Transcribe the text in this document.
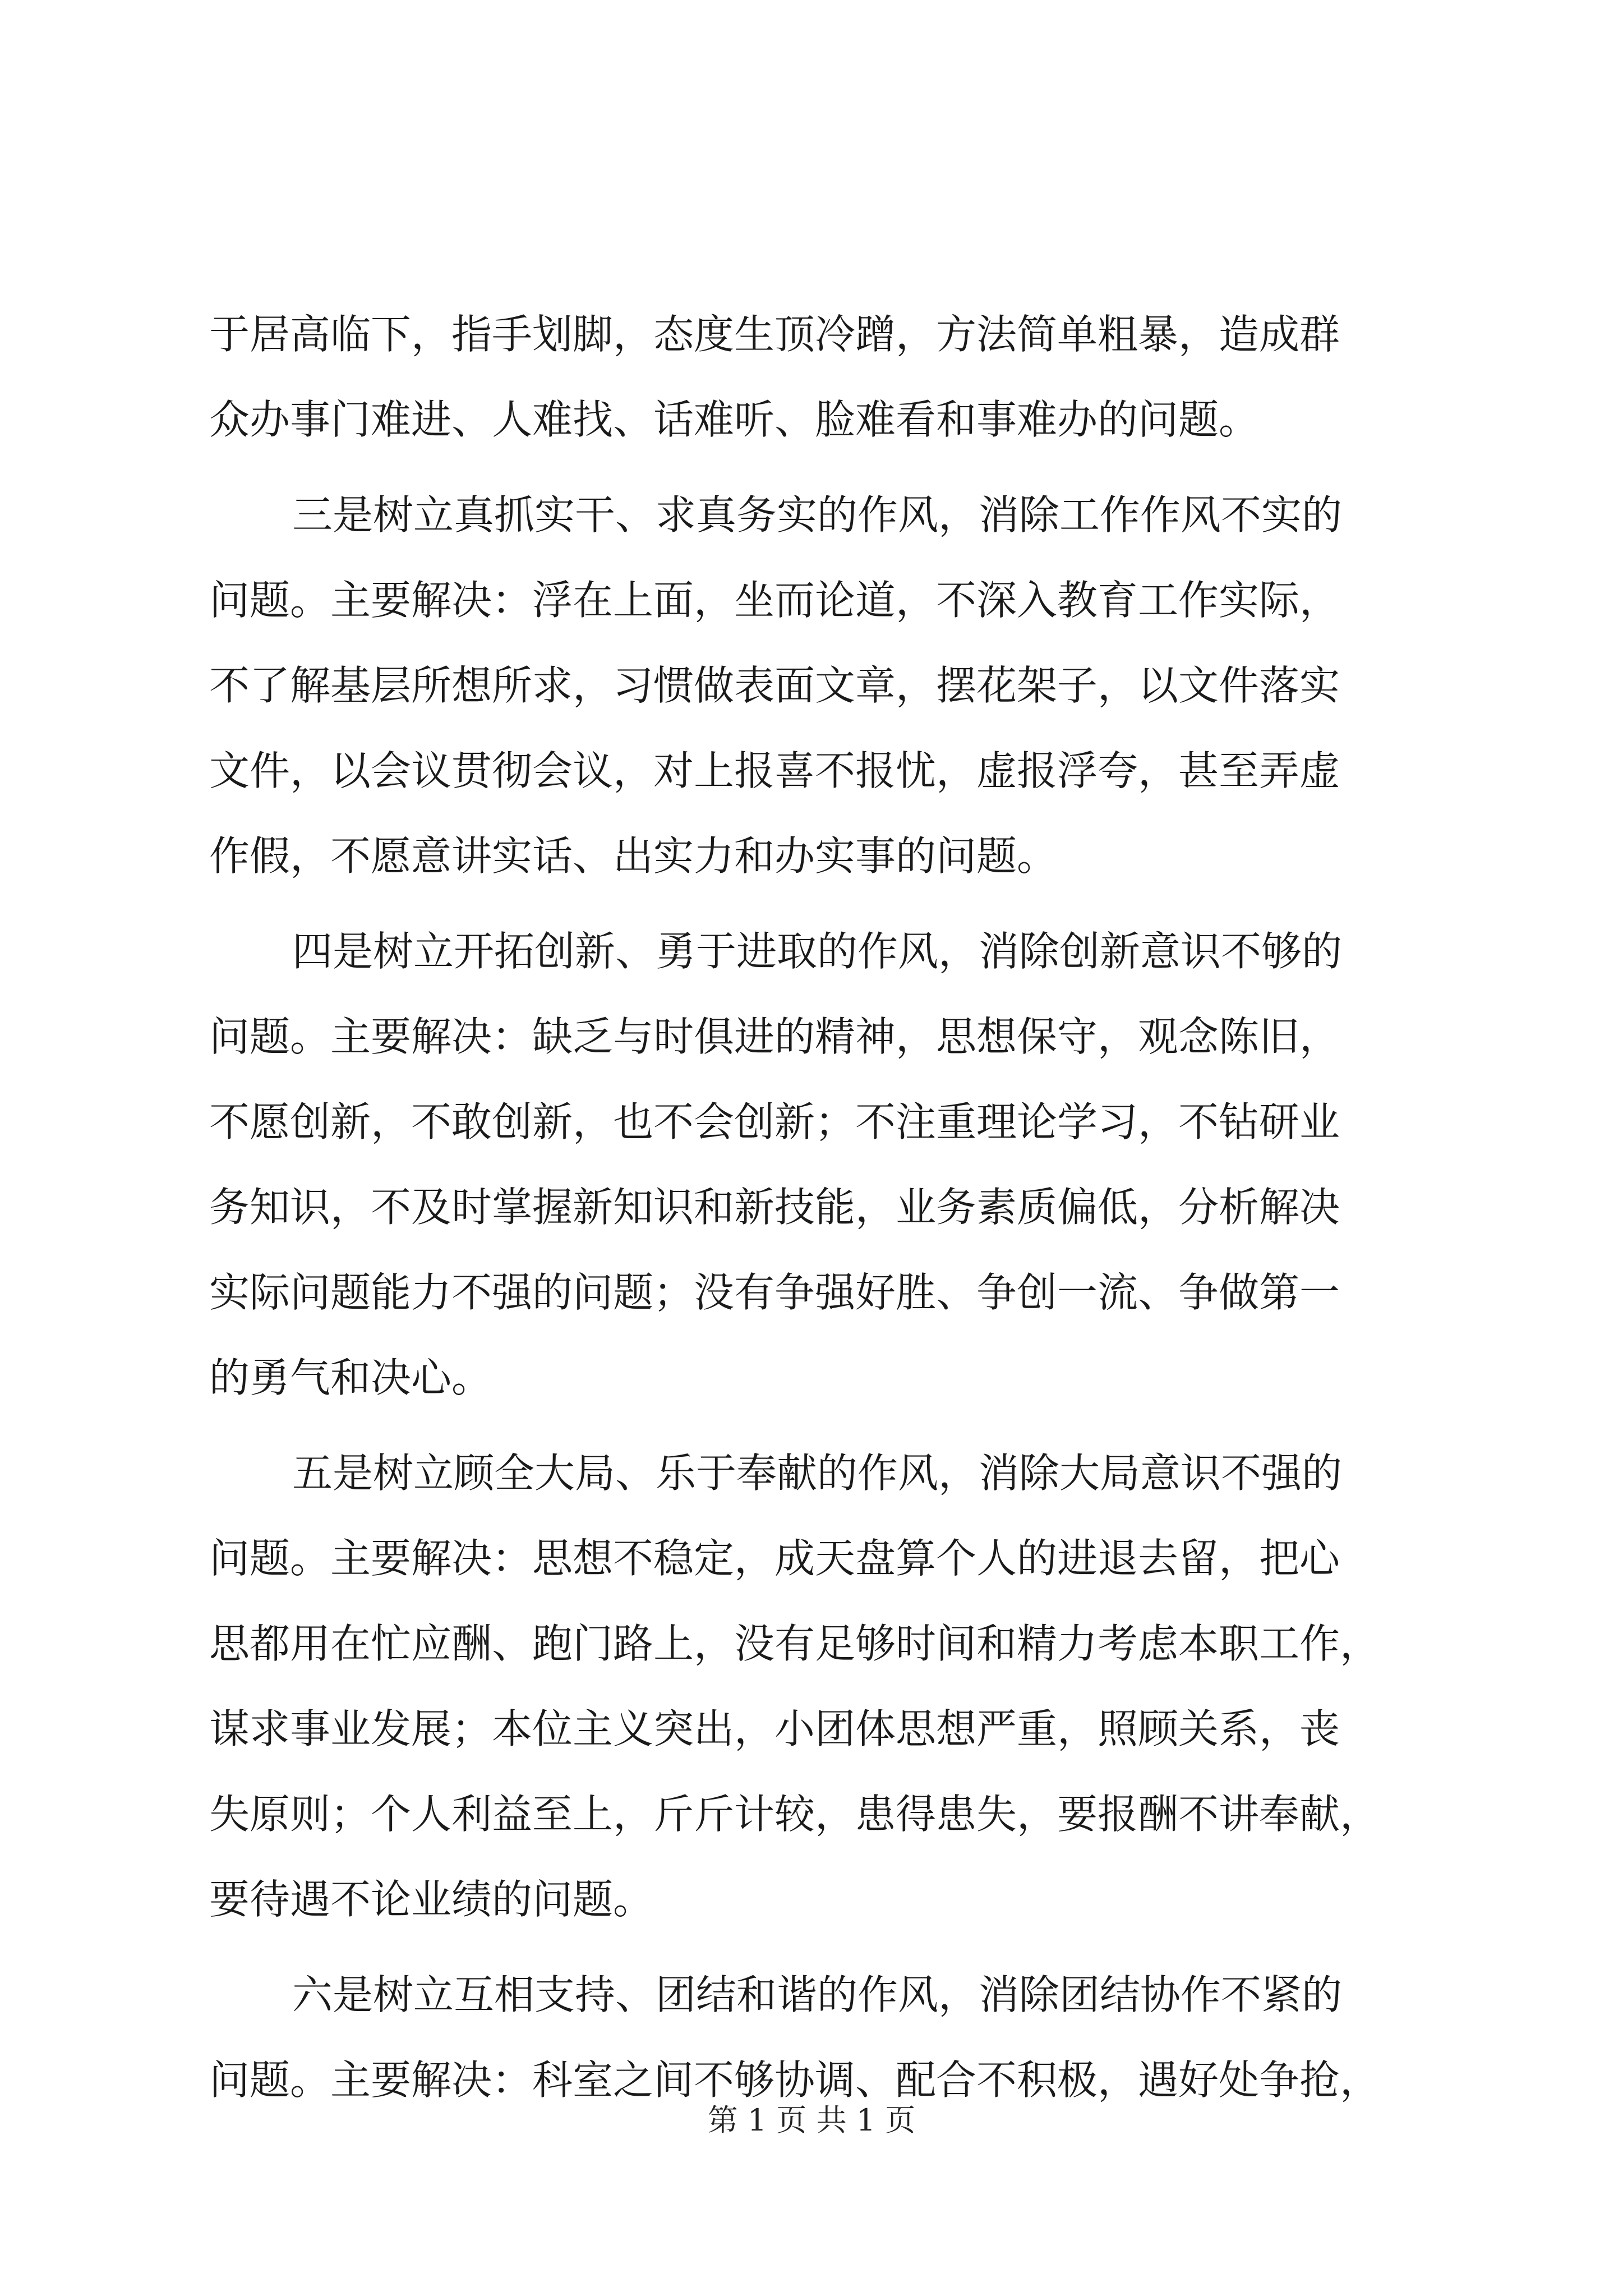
于居高临下，指手划脚，态度生顶冷蹭，方法简单粗暴，造成群
众办事门难进、人难找、话难听、脸难看和事难办的问题。
三是树立真抓实干、求真务实的作风，消除工作作风不实的
问题。主要解决：浮在上面，坐而论道，不深入教育工作实际，
不了解基层所想所求，习惯做表面文章，摆花架子，以文件落实
文件，以会议贯彻会议，对上报喜不报忧，虚报浮夸，甚至弄虚
作假，不愿意讲实话、出实力和办实事的问题。
四是树立开拓创新、勇于进取的作风，消除创新意识不够的
问题。主要解决：缺乏与时俱进的精神，思想保守，观念陈旧，
不愿创新，不敢创新，也不会创新；不注重理论学习，不钻研业
务知识，不及时掌握新知识和新技能，业务素质偏低，分析解决
实际问题能力不强的问题；没有争强好胜、争创一流、争做第一
的勇气和决心。
五是树立顾全大局、乐于奉献的作风，消除大局意识不强的
问题。主要解决：思想不稳定，成天盘算个人的进退去留，把心
思都用在忙应酬、跑门路上，没有足够时间和精力考虑本职工作，
谋求事业发展；本位主义突出，小团体思想严重，照顾关系，丧
失原则；个人利益至上，斤斤计较，患得患失，要报酬不讲奉献，
要待遇不论业绩的问题。
六是树立互相支持、团结和谐的作风，消除团结协作不紧的
问题。主要解决：科室之间不够协调、配合不积极，遇好处争抢，
第 1 页 共 1 页
